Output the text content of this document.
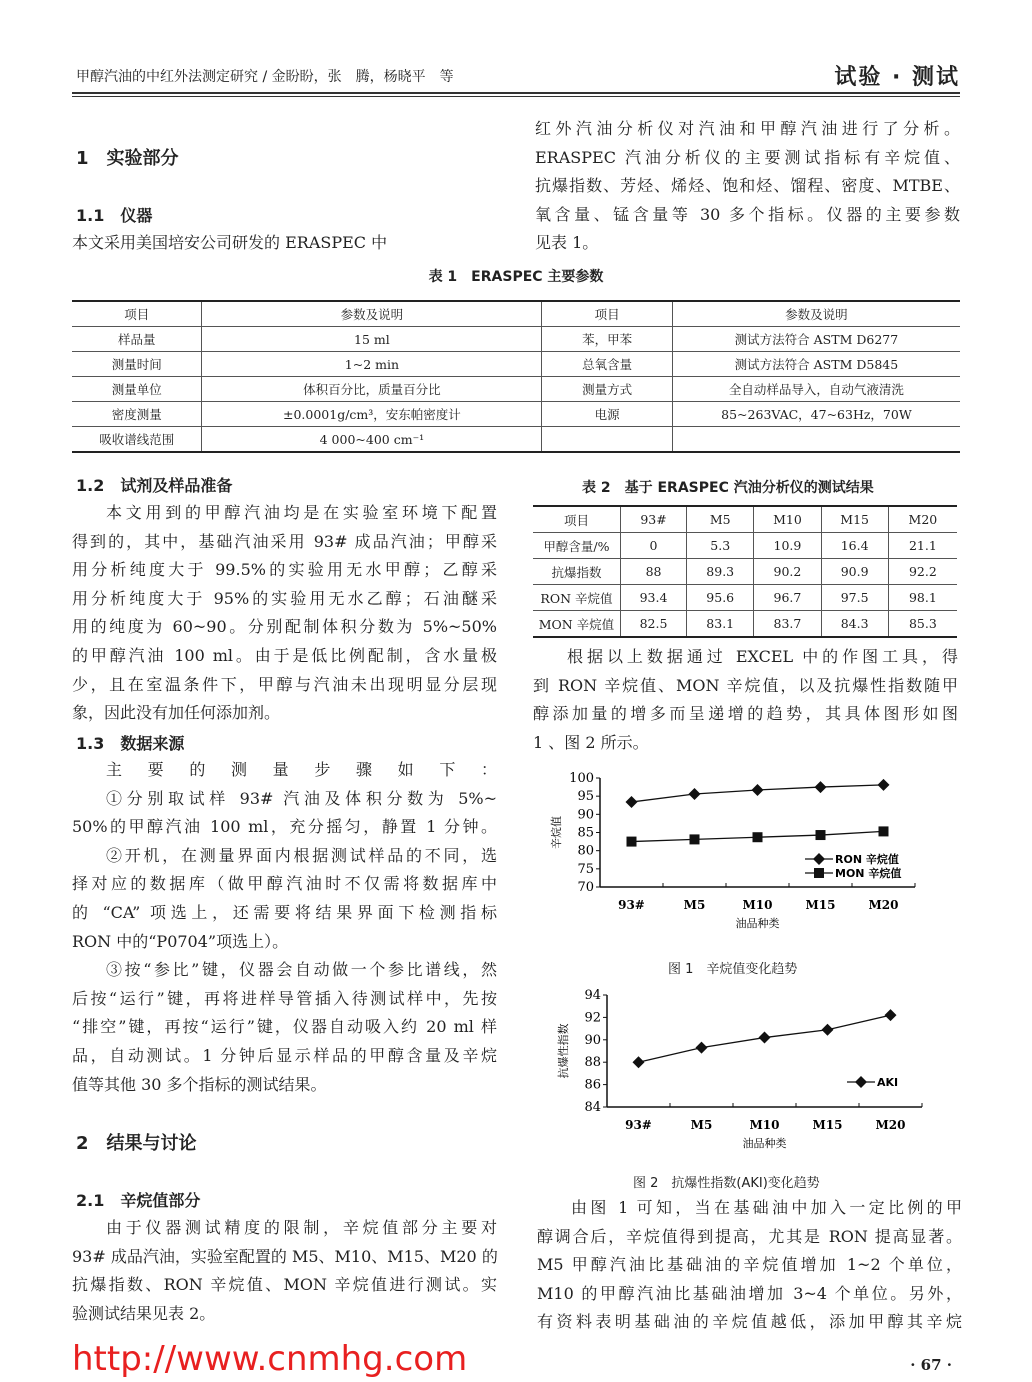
甲醇汽油的中红外法测定研究 / 金盼盼，张　腾，杨晓平　等	试验 · 测试
1　实验部分
1.1　仪器
本文采用美国培安公司研发的 ERASPEC 中
红外汽油分析仪对汽油和甲醇汽油进行了分析。
ERASPEC 汽油分析仪的主要测试指标有辛烷值、
抗爆指数、芳烃、烯烃、饱和烃、馏程、密度、MTBE、
氧含量、锰含量等 30 多个指标。仪器的主要参数
见表 1。
表 1　ERASPEC 主要参数
项目	参数及说明	项目	参数及说明
样品量	15 ml	苯，甲苯	测试方法符合 ASTM D6277
测量时间	1~2 min	总氧含量	测试方法符合 ASTM D5845
测量单位	体积百分比，质量百分比	测量方式	全自动样品导入，自动气液清洗
密度测量	±0.0001g/cm³，安东帕密度计	电源	85~263VAC，47~63Hz，70W
吸收谱线范围	4 000~400 cm⁻¹		
1.2　试剂及样品准备
本文用到的甲醇汽油均是在实验室环境下配置
得到的，其中，基础汽油采用 93# 成品汽油；甲醇采
用分析纯度大于 99.5%的实验用无水甲醇；乙醇采
用分析纯度大于 95%的实验用无水乙醇；石油醚采
用的纯度为 60~90。分别配制体积分数为 5%~50%
的甲醇汽油 100 ml。由于是低比例配制，含水量极
少，且在室温条件下，甲醇与汽油未出现明显分层现
象，因此没有加任何添加剂。
1.3　数据来源
主要的测量步骤如下：
①分别取试样 93# 汽油及体积分数为 5%~
50%的甲醇汽油 100 ml，充分摇匀，静置 1 分钟。
②开机，在测量界面内根据测试样品的不同，选
择对应的数据库（做甲醇汽油时不仅需将数据库中
的 “CA” 项选上，还需要将结果界面下检测指标
RON 中的“P0704”项选上）。
③按“参比”键，仪器会自动做一个参比谱线，然
后按“运行”键，再将进样导管插入待测试样中，先按
“排空”键，再按“运行”键，仪器自动吸入约 20 ml 样
品，自动测试。1 分钟后显示样品的甲醇含量及辛烷
值等其他 30 多个指标的测试结果。
2　结果与讨论
2.1　辛烷值部分
由于仪器测试精度的限制，辛烷值部分主要对
93# 成品汽油，实验室配置的 M5、M10、M15、M20 的
抗爆指数、RON 辛烷值、MON 辛烷值进行测试。实
验测试结果见表 2。
表 2　基于 ERASPEC 汽油分析仪的测试结果
项目	93#	M5	M10	M15	M20
甲醇含量/%	0	5.3	10.9	16.4	21.1
抗爆指数	88	89.3	90.2	90.9	92.2
RON 辛烷值	93.4	95.6	96.7	97.5	98.1
MON 辛烷值	82.5	83.1	83.7	84.3	85.3
根据以上数据通过 EXCEL 中的作图工具，得
到 RON 辛烷值、MON 辛烷值，以及抗爆性指数随甲
醇添加量的增多而呈递增的趋势，其具体图形如图
1 、图 2 所示。
70
75
80
85
90
95
100
93#	M5	M10	M15	M20
油品种类
辛烷值
RON 辛烷值
MON 辛烷值
图 1　辛烷值变化趋势
84
86
88
90
92
94
93#	M5	M10	M15	M20
油品种类
抗爆性指数
AKI
图 2　抗爆性指数(AKI)变化趋势
由图 1 可知，当在基础油中加入一定比例的甲
醇调合后，辛烷值得到提高，尤其是 RON 提高显著。
M5 甲醇汽油比基础油的辛烷值增加 1~2 个单位，
M10 的甲醇汽油比基础油增加 3~4 个单位。另外，
有资料表明基础油的辛烷值越低，添加甲醇其辛烷
http://www.cnmhg.com	· 67 ·
